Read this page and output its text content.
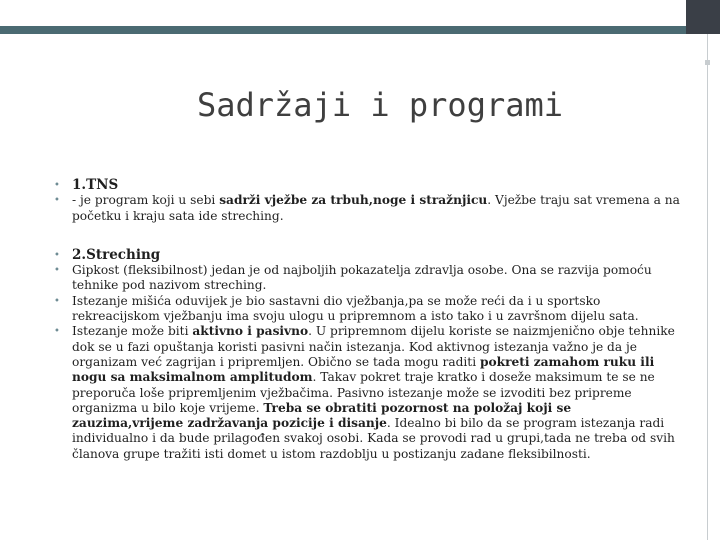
Sadržaji i programi
• 1.TNS
• - je program koji u sebi sadrži vježbe za trbuh,noge i stražnjicu. Vježbe traju sat vremena a na početku i kraju sata ide streching.
• 2.Streching
• Gipkost (fleksibilnost) jedan je od najboljih pokazatelja zdravlja osobe. Ona se razvija pomoću tehnike pod nazivom streching.
• Istezanje mišića oduvijek je bio sastavni dio vježbanja,pa se može reći da i u sportsko rekreacijskom vježbanju ima svoju ulogu u pripremnom a isto tako i u završnom dijelu sata.
• Istezanje može biti aktivno i pasivno. U pripremnom dijelu koriste se naizmjenično obje tehnike dok se u fazi opuštanja koristi pasivni način istezanja. Kod aktivnog istezanja važno je da je organizam već zagrijan i pripremljen. Obično se tada mogu raditi pokreti zamahom ruku ili nogu sa maksimalnom amplitudom. Takav pokret traje kratko i doseže maksimum te se ne preporuča loše pripremljenim vježbačima. Pasivno istezanje može se izvoditi bez pripreme organizma u bilo koje vrijeme. Treba se obratiti pozornost na položaj koji se zauzima,vrijeme zadržavanja pozicije i disanje. Idealno bi bilo da se program istezanja radi individualno i da bude prilagođen svakoj osobi. Kada se provodi rad u grupi,tada ne treba od svih članova grupe tražiti isti domet u istom razdoblju u postizanju zadane fleksibilnosti.
